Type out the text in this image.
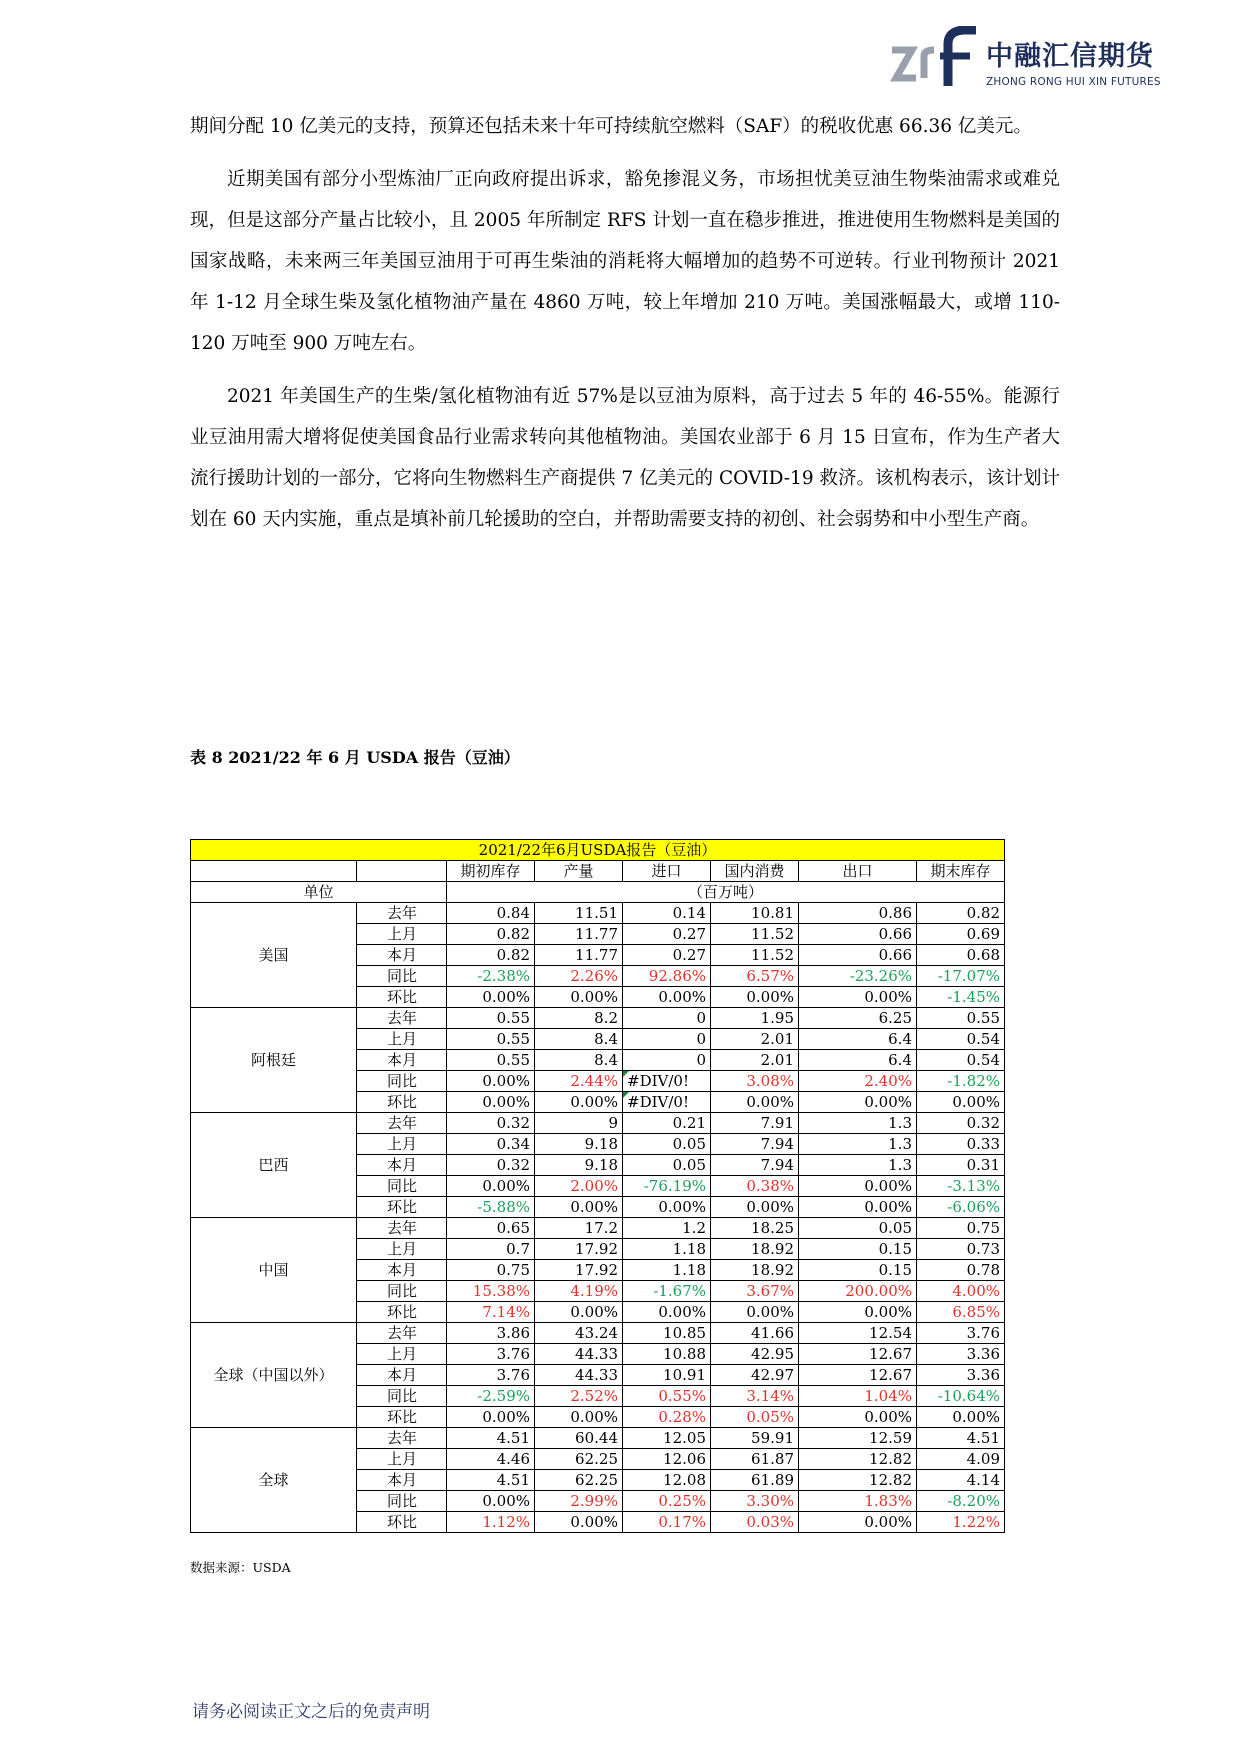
中融汇信期货
ZHONG RONG HUI XIN FUTURES

期间分配 10 亿美元的支持，预算还包括未来十年可持续航空燃料（SAF）的税收优惠 66.36 亿美元。

近期美国有部分小型炼油厂正向政府提出诉求，豁免掺混义务，市场担忧美豆油生物柴油需求或难兑现，但是这部分产量占比较小，且 2005 年所制定 RFS 计划一直在稳步推进，推进使用生物燃料是美国的国家战略，未来两三年美国豆油用于可再生柴油的消耗将大幅增加的趋势不可逆转。行业刊物预计 2021 年 1-12 月全球生柴及氢化植物油产量在 4860 万吨，较上年增加 210 万吨。美国涨幅最大，或增 110-120 万吨至 900 万吨左右。

2021 年美国生产的生柴/氢化植物油有近 57%是以豆油为原料，高于过去 5 年的 46-55%。能源行业豆油用需大增将促使美国食品行业需求转向其他植物油。美国农业部于 6 月 15 日宣布，作为生产者大流行援助计划的一部分，它将向生物燃料生产商提供 7 亿美元的 COVID-19 救济。该机构表示，该计划计划在 60 天内实施，重点是填补前几轮援助的空白，并帮助需要支持的初创、社会弱势和中小型生产商。

表 8 2021/22 年 6 月 USDA 报告（豆油）
2021/22年6月USDA报告（豆油）							
		期初库存	产量	进口	国内消费	出口	期末库存
单位		（百万吨）					
美国	去年	0.84	11.51	0.14	10.81	0.86	0.82
	上月	0.82	11.77	0.27	11.52	0.66	0.69
	本月	0.82	11.77	0.27	11.52	0.66	0.68
	同比	-2.38%	2.26%	92.86%	6.57%	-23.26%	-17.07%
	环比	0.00%	0.00%	0.00%	0.00%	0.00%	-1.45%
阿根廷	去年	0.55	8.2	0	1.95	6.25	0.55
	上月	0.55	8.4	0	2.01	6.4	0.54
	本月	0.55	8.4	0	2.01	6.4	0.54
	同比	0.00%	2.44%	#DIV/0!	3.08%	2.40%	-1.82%
	环比	0.00%	0.00%	#DIV/0!	0.00%	0.00%	0.00%
巴西	去年	0.32	9	0.21	7.91	1.3	0.32
	上月	0.34	9.18	0.05	7.94	1.3	0.33
	本月	0.32	9.18	0.05	7.94	1.3	0.31
	同比	0.00%	2.00%	-76.19%	0.38%	0.00%	-3.13%
	环比	-5.88%	0.00%	0.00%	0.00%	0.00%	-6.06%
中国	去年	0.65	17.2	1.2	18.25	0.05	0.75
	上月	0.7	17.92	1.18	18.92	0.15	0.73
	本月	0.75	17.92	1.18	18.92	0.15	0.78
	同比	15.38%	4.19%	-1.67%	3.67%	200.00%	4.00%
	环比	7.14%	0.00%	0.00%	0.00%	0.00%	6.85%
全球（中国以外）	去年	3.86	43.24	10.85	41.66	12.54	3.76
	上月	3.76	44.33	10.88	42.95	12.67	3.36
	本月	3.76	44.33	10.91	42.97	12.67	3.36
	同比	-2.59%	2.52%	0.55%	3.14%	1.04%	-10.64%
	环比	0.00%	0.00%	0.28%	0.05%	0.00%	0.00%
全球	去年	4.51	60.44	12.05	59.91	12.59	4.51
	上月	4.46	62.25	12.06	61.87	12.82	4.09
	本月	4.51	62.25	12.08	61.89	12.82	4.14
	同比	0.00%	2.99%	0.25%	3.30%	1.83%	-8.20%
	环比	1.12%	0.00%	0.17%	0.03%	0.00%	1.22%
数据来源：USDA
请务必阅读正文之后的免责声明
